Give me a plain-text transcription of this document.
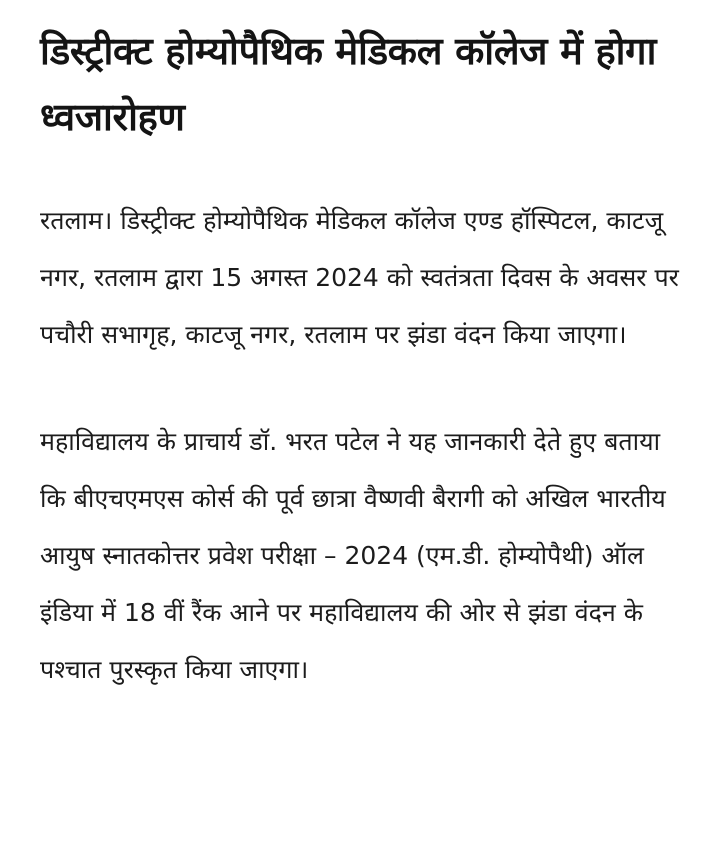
डिस्ट्रीक्ट होम्योपैथिक मेडिकल कॉलेज में होगा ध्वजारोहण

रतलाम। डिस्ट्रीक्ट होम्योपैथिक मेडिकल कॉलेज एण्ड हॉस्पिटल, काटजू नगर, रतलाम द्वारा 15 अगस्त 2024 को स्वतंत्रता दिवस के अवसर पर पचौरी सभागृह, काटजू नगर, रतलाम पर झंडा वंदन किया जाएगा।

महाविद्यालय के प्राचार्य डॉ. भरत पटेल ने यह जानकारी देते हुए बताया कि बीएचएमएस कोर्स की पूर्व छात्रा वैष्णवी बैरागी को अखिल भारतीय आयुष स्नातकोत्तर प्रवेश परीक्षा – 2024 (एम.डी. होम्योपैथी) ऑल इंडिया में 18 वीं रैंक आने पर महाविद्यालय की ओर से झंडा वंदन के पश्चात पुरस्कृत किया जाएगा।
